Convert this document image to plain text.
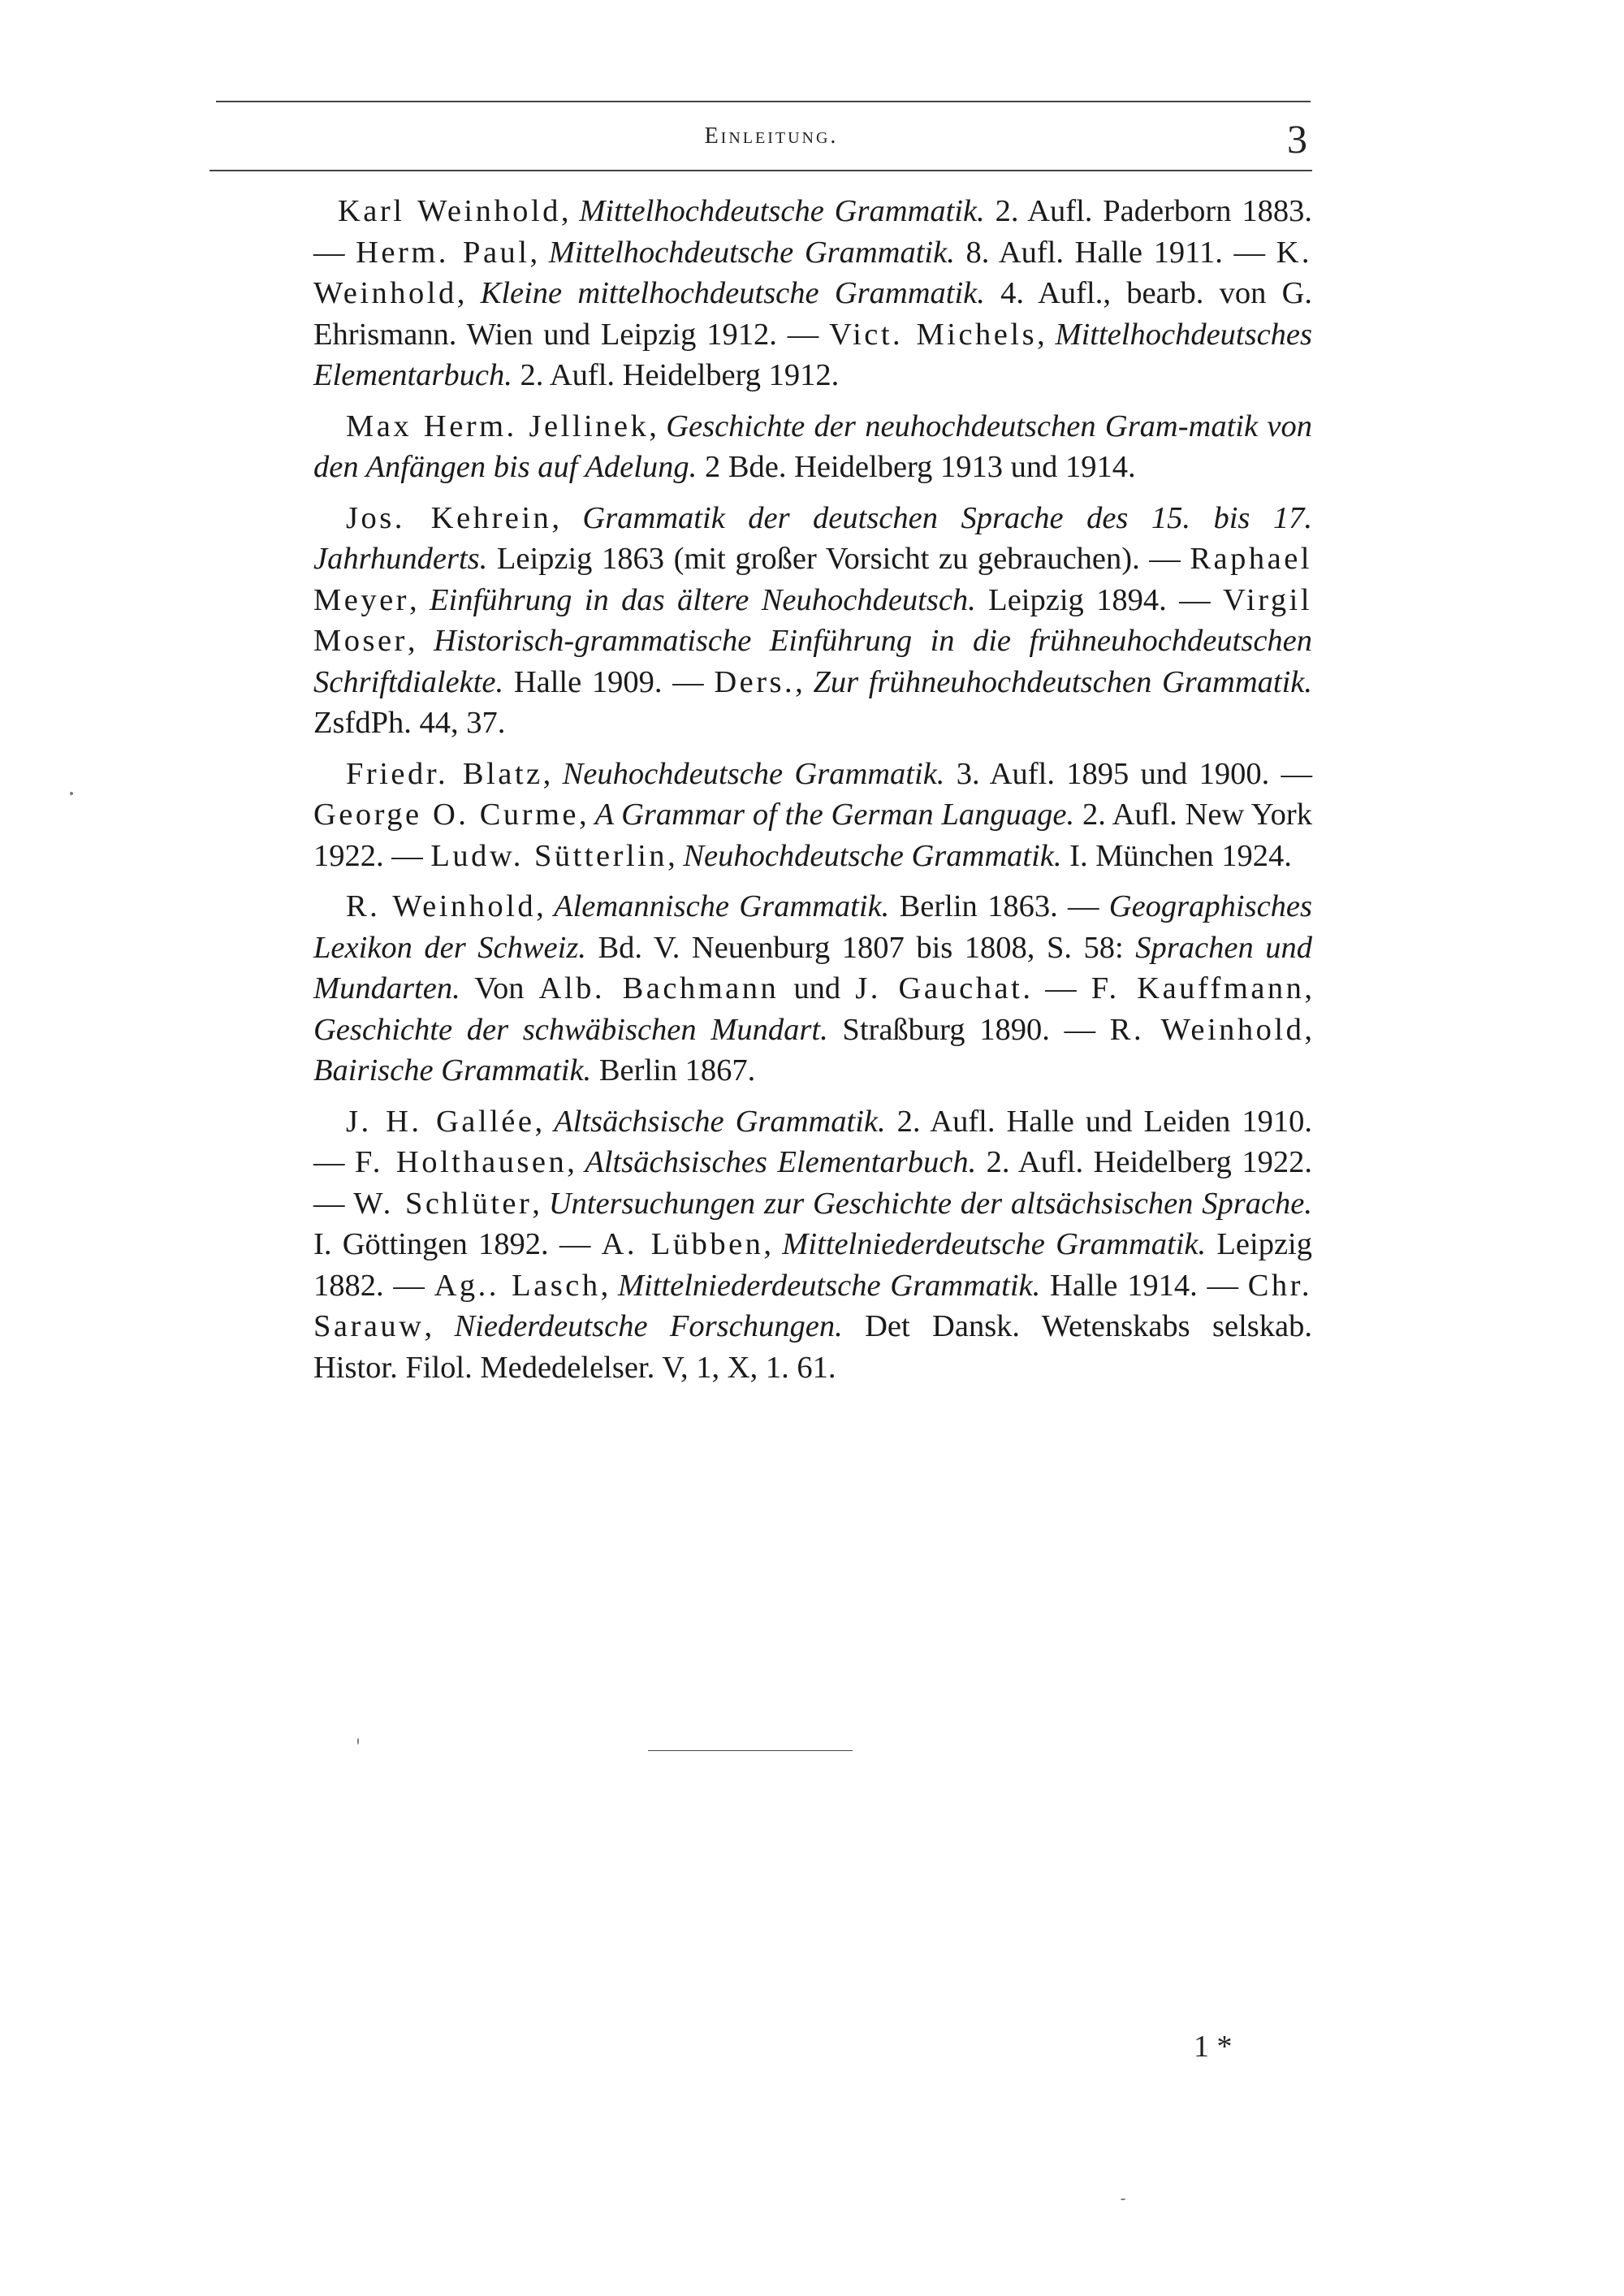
Einleitung.	3

Karl Weinhold, Mittelhochdeutsche Grammatik. 2. Aufl. Paderborn 1883. — Herm. Paul, Mittelhochdeutsche Grammatik. 8. Aufl. Halle 1911. — K. Weinhold, Kleine mittelhochdeutsche Grammatik. 4. Aufl., bearb. von G. Ehrismann. Wien und Leipzig 1912. — Vict. Michels, Mittelhochdeutsches Elementarbuch. 2. Aufl. Heidelberg 1912.

Max Herm. Jellinek, Geschichte der neuhochdeutschen Gram-matik von den Anfängen bis auf Adelung. 2 Bde. Heidelberg 1913 und 1914.

Jos. Kehrein, Grammatik der deutschen Sprache des 15. bis 17. Jahrhunderts. Leipzig 1863 (mit großer Vorsicht zu gebrauchen). — Raphael Meyer, Einführung in das ältere Neuhochdeutsch. Leipzig 1894. — Virgil Moser, Historisch-grammatische Einführung in die frühneuhochdeutschen Schriftdialekte. Halle 1909. — Ders., Zur frühneuhochdeutschen Grammatik. ZsfdPh. 44, 37.

Friedr. Blatz, Neuhochdeutsche Grammatik. 3. Aufl. 1895 und 1900. — George O. Curme, A Grammar of the German Language. 2. Aufl. New York 1922. — Ludw. Sütterlin, Neuhochdeutsche Grammatik. I. München 1924.

R. Weinhold, Alemannische Grammatik. Berlin 1863. — Geographisches Lexikon der Schweiz. Bd. V. Neuenburg 1807 bis 1808, S. 58: Sprachen und Mundarten. Von Alb. Bachmann und J. Gauchat. — F. Kauffmann, Geschichte der schwäbischen Mundart. Straßburg 1890. — R. Weinhold, Bairische Grammatik. Berlin 1867.

J. H. Gallée, Altsächsische Grammatik. 2. Aufl. Halle und Leiden 1910. — F. Holthausen, Altsächsisches Elementarbuch. 2. Aufl. Heidelberg 1922. — W. Schlüter, Untersuchungen zur Geschichte der altsächsischen Sprache. I. Göttingen 1892. — A. Lübben, Mittelniederdeutsche Grammatik. Leipzig 1882. — Ag.. Lasch, Mittelniederdeutsche Grammatik. Halle 1914. — Chr. Sarauw, Niederdeutsche Forschungen. Det Dansk. Wetenskabs selskab. Histor. Filol. Mededelelser. V, 1, X, 1. 61.

1 *
